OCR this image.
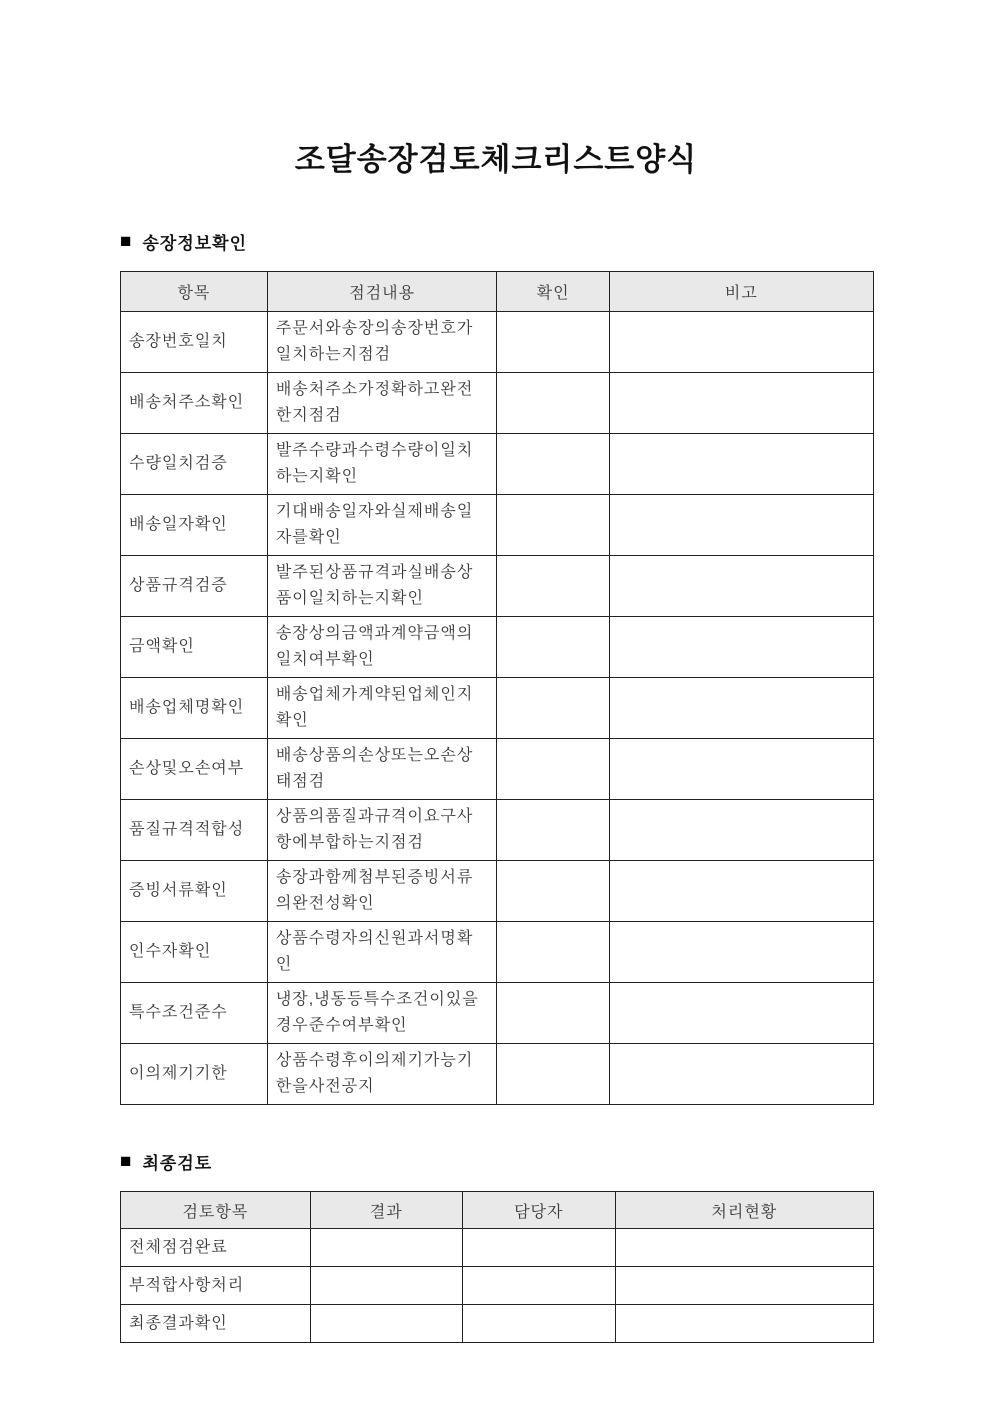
조달송장검토체크리스트양식
■ 송장정보확인
항목	점검내용	확인	비고
송장번호일치	주문서와송장의송장번호가일치하는지점검		
배송처주소확인	배송처주소가정확하고완전한지점검		
수량일치검증	발주수량과수령수량이일치하는지확인		
배송일자확인	기대배송일자와실제배송일자를확인		
상품규격검증	발주된상품규격과실배송상품이일치하는지확인		
금액확인	송장상의금액과계약금액의일치여부확인		
배송업체명확인	배송업체가계약된업체인지확인		
손상및오손여부	배송상품의손상또는오손상태점검		
품질규격적합성	상품의품질과규격이요구사항에부합하는지점검		
증빙서류확인	송장과함께첨부된증빙서류의완전성확인		
인수자확인	상품수령자의신원과서명확인		
특수조건준수	냉장,냉동등특수조건이있을경우준수여부확인		
이의제기기한	상품수령후이의제기가능기한을사전공지		
■ 최종검토
검토항목	결과	담당자	처리현황
전체점검완료			
부적합사항처리			
최종결과확인			
